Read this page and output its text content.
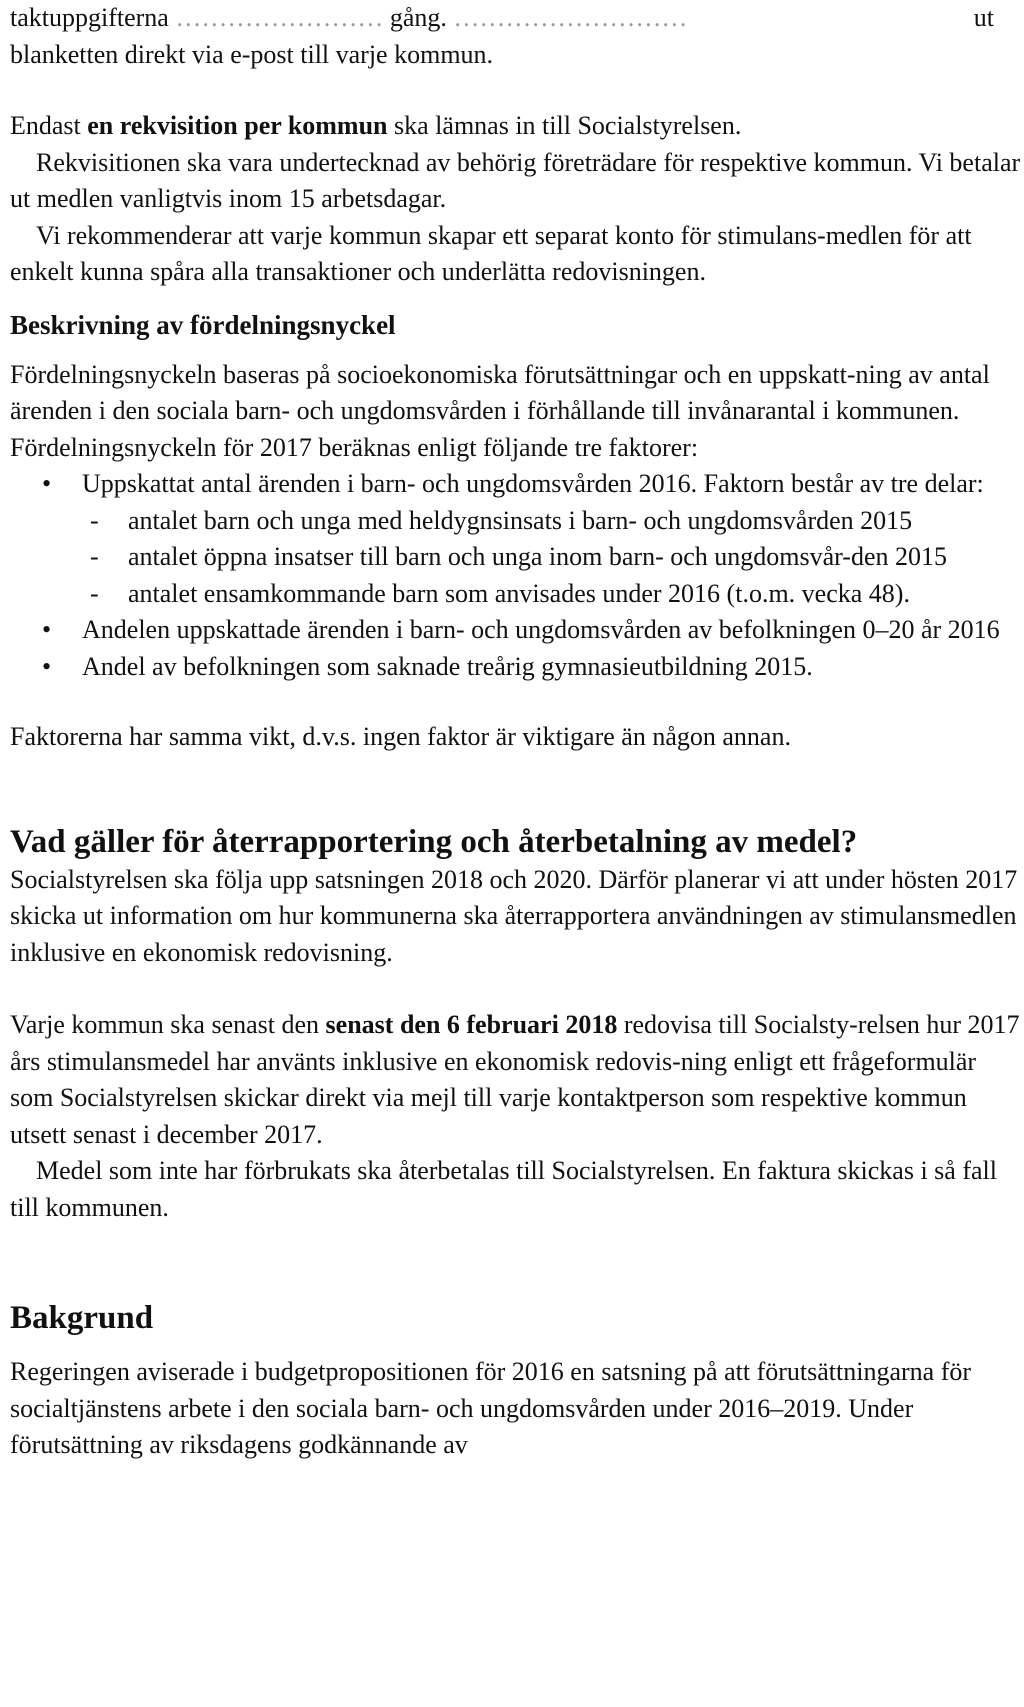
taktuppgifterna …………………… gång. ………………………	ut

blanketten direkt via e-post till varje kommun.

Endast en rekvisition per kommun ska lämnas in till Socialstyrelsen.

Rekvisitionen ska vara undertecknad av behörig företrädare för respektive kommun. Vi betalar ut medlen vanligtvis inom 15 arbetsdagar.

Vi rekommenderar att varje kommun skapar ett separat konto för stimulans-medlen för att enkelt kunna spåra alla transaktioner och underlätta redovisningen.

Beskrivning av fördelningsnyckel

Fördelningsnyckeln baseras på socioekonomiska förutsättningar och en uppskatt-ning av antal ärenden i den sociala barn- och ungdomsvården i förhållande till invånarantal i kommunen. Fördelningsnyckeln för 2017 beräknas enligt följande tre faktorer:

• Uppskattat antal ärenden i barn- och ungdomsvården 2016. Faktorn består av tre delar:
- antalet barn och unga med heldygnsinsats i barn- och ungdomsvården 2015
- antalet öppna insatser till barn och unga inom barn- och ungdomsvår-den 2015
- antalet ensamkommande barn som anvisades under 2016 (t.o.m. vecka 48).
• Andelen uppskattade ärenden i barn- och ungdomsvården av befolkningen 0–20 år 2016
• Andel av befolkningen som saknade treårig gymnasieutbildning 2015.

Faktorerna har samma vikt, d.v.s. ingen faktor är viktigare än någon annan.

Vad gäller för återrapportering och återbetalning av medel?

Socialstyrelsen ska följa upp satsningen 2018 och 2020. Därför planerar vi att under hösten 2017 skicka ut information om hur kommunerna ska återrapportera användningen av stimulansmedlen inklusive en ekonomisk redovisning.

Varje kommun ska senast den senast den 6 februari 2018 redovisa till Socialsty-relsen hur 2017 års stimulansmedel har använts inklusive en ekonomisk redovis-ning enligt ett frågeformulär som Socialstyrelsen skickar direkt via mejl till varje kontaktperson som respektive kommun utsett senast i december 2017.

Medel som inte har förbrukats ska återbetalas till Socialstyrelsen. En faktura skickas i så fall till kommunen.

Bakgrund

Regeringen aviserade i budgetpropositionen för 2016 en satsning på att förutsättningarna för socialtjänstens arbete i den sociala barn- och ungdomsvården under 2016–2019. Under förutsättning av riksdagens godkännande av
